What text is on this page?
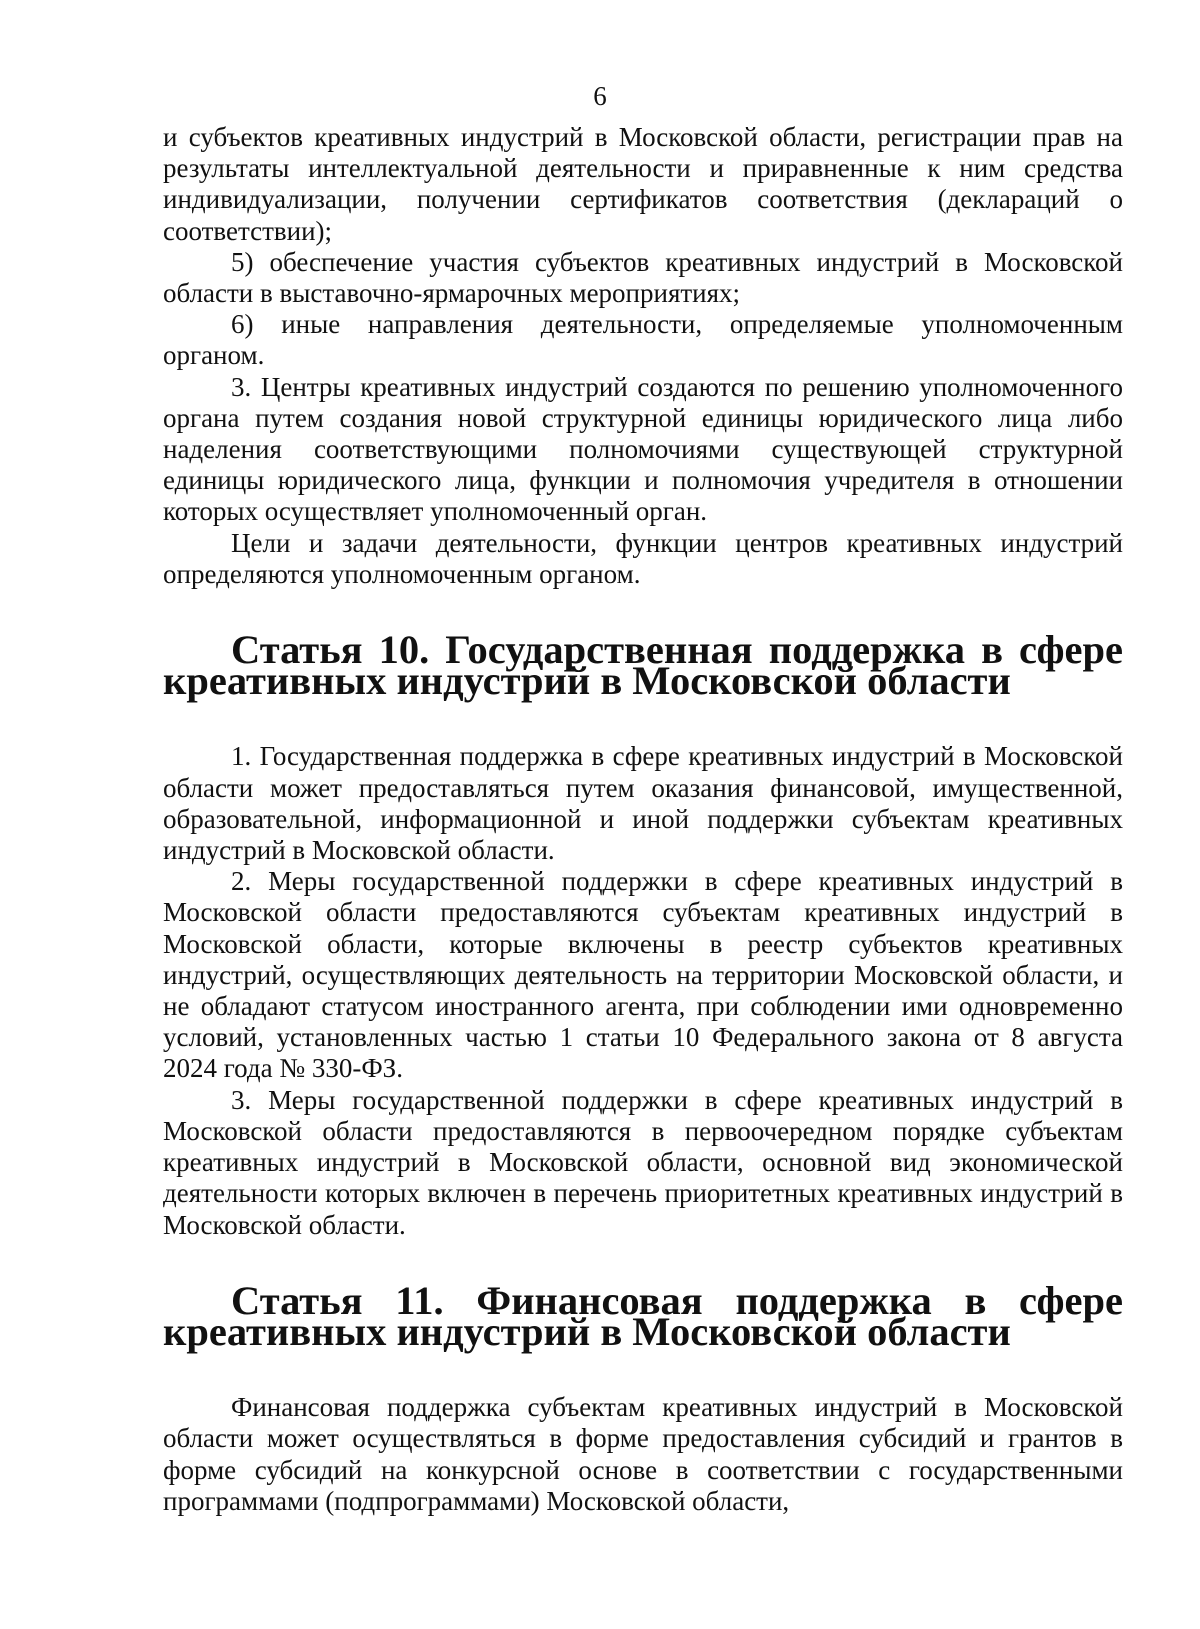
6

и субъектов креативных индустрий в Московской области, регистрации прав на результаты интеллектуальной деятельности и приравненные к ним средства индивидуализации, получении сертификатов соответствия (деклараций о соответствии);

5) обеспечение участия субъектов креативных индустрий в Московской области в выставочно-ярмарочных мероприятиях;

6) иные направления деятельности, определяемые уполномоченным органом.

3. Центры креативных индустрий создаются по решению уполномоченного органа путем создания новой структурной единицы юридического лица либо наделения соответствующими полномочиями существующей структурной единицы юридического лица, функции и полномочия учредителя в отношении которых осуществляет уполномоченный орган.

Цели и задачи деятельности, функции центров креативных индустрий определяются уполномоченным органом.

Статья 10. Государственная поддержка в сфере креативных индустрий в Московской области

1. Государственная поддержка в сфере креативных индустрий в Московской области может предоставляться путем оказания финансовой, имущественной, образовательной, информационной и иной поддержки субъектам креативных индустрий в Московской области.

2. Меры государственной поддержки в сфере креативных индустрий в Московской области предоставляются субъектам креативных индустрий в Московской области, которые включены в реестр субъектов креативных индустрий, осуществляющих деятельность на территории Московской области, и не обладают статусом иностранного агента, при соблюдении ими одновременно условий, установленных частью 1 статьи 10 Федерального закона от 8 августа 2024 года № 330-ФЗ.

3. Меры государственной поддержки в сфере креативных индустрий в Московской области предоставляются в первоочередном порядке субъектам креативных индустрий в Московской области, основной вид экономической деятельности которых включен в перечень приоритетных креативных индустрий в Московской области.

Статья 11. Финансовая поддержка в сфере креативных индустрий в Московской области

Финансовая поддержка субъектам креативных индустрий в Московской области может осуществляться в форме предоставления субсидий и грантов в форме субсидий на конкурсной основе в соответствии с государственными программами (подпрограммами) Московской области,
